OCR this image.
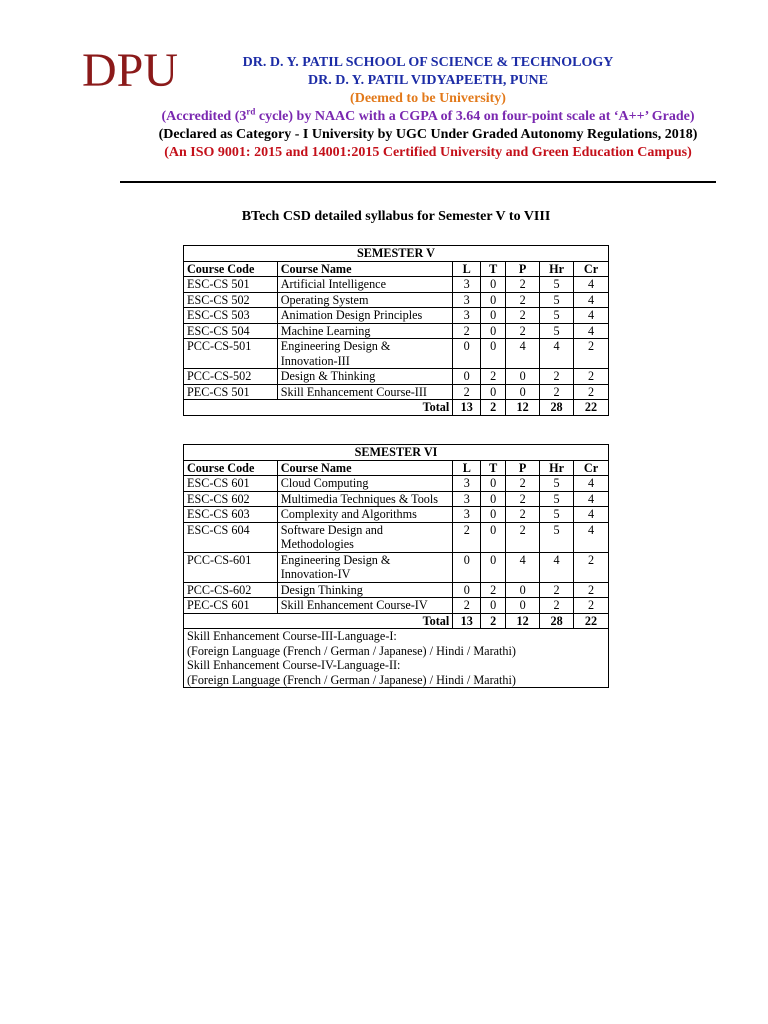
DPU	DR. D. Y. PATIL SCHOOL OF SCIENCE & TECHNOLOGY
DR. D. Y. PATIL VIDYAPEETH, PUNE
(Deemed to be University)
(Accredited (3rd cycle) by NAAC with a CGPA of 3.64 on four-point scale at ‘A++’ Grade)
(Declared as Category - I University by UGC Under Graded Autonomy Regulations, 2018)
(An ISO 9001: 2015 and 14001:2015 Certified University and Green Education Campus)
BTech CSD detailed syllabus for Semester V to VIII
SEMESTER V						
Course Code	Course Name	L	T	P	Hr	Cr
ESC-CS 501	Artificial Intelligence	3	0	2	5	4
ESC-CS 502	Operating System	3	0	2	5	4
ESC-CS 503	Animation Design Principles	3	0	2	5	4
ESC-CS 504	Machine Learning	2	0	2	5	4
PCC-CS-501	Engineering Design & Innovation-III	0	0	4	4	2
PCC-CS-502	Design & Thinking	0	2	0	2	2
PEC-CS 501	Skill Enhancement Course-III	2	0	0	2	2
Total		13	2	12	28	22
SEMESTER VI						
Course Code	Course Name	L	T	P	Hr	Cr
ESC-CS 601	Cloud Computing	3	0	2	5	4
ESC-CS 602	Multimedia Techniques & Tools	3	0	2	5	4
ESC-CS 603	Complexity and Algorithms	3	0	2	5	4
ESC-CS 604	Software Design and Methodologies	2	0	2	5	4
PCC-CS-601	Engineering Design & Innovation-IV	0	0	4	4	2
PCC-CS-602	Design Thinking	0	2	0	2	2
PEC-CS 601	Skill Enhancement Course-IV	2	0	0	2	2
Total		13	2	12	28	22

Skill Enhancement Course-III-Language-I:
(Foreign Language (French / German / Japanese) / Hindi / Marathi)
Skill Enhancement Course-IV-Language-II:
(Foreign Language (French / German / Japanese) / Hindi / Marathi)						
